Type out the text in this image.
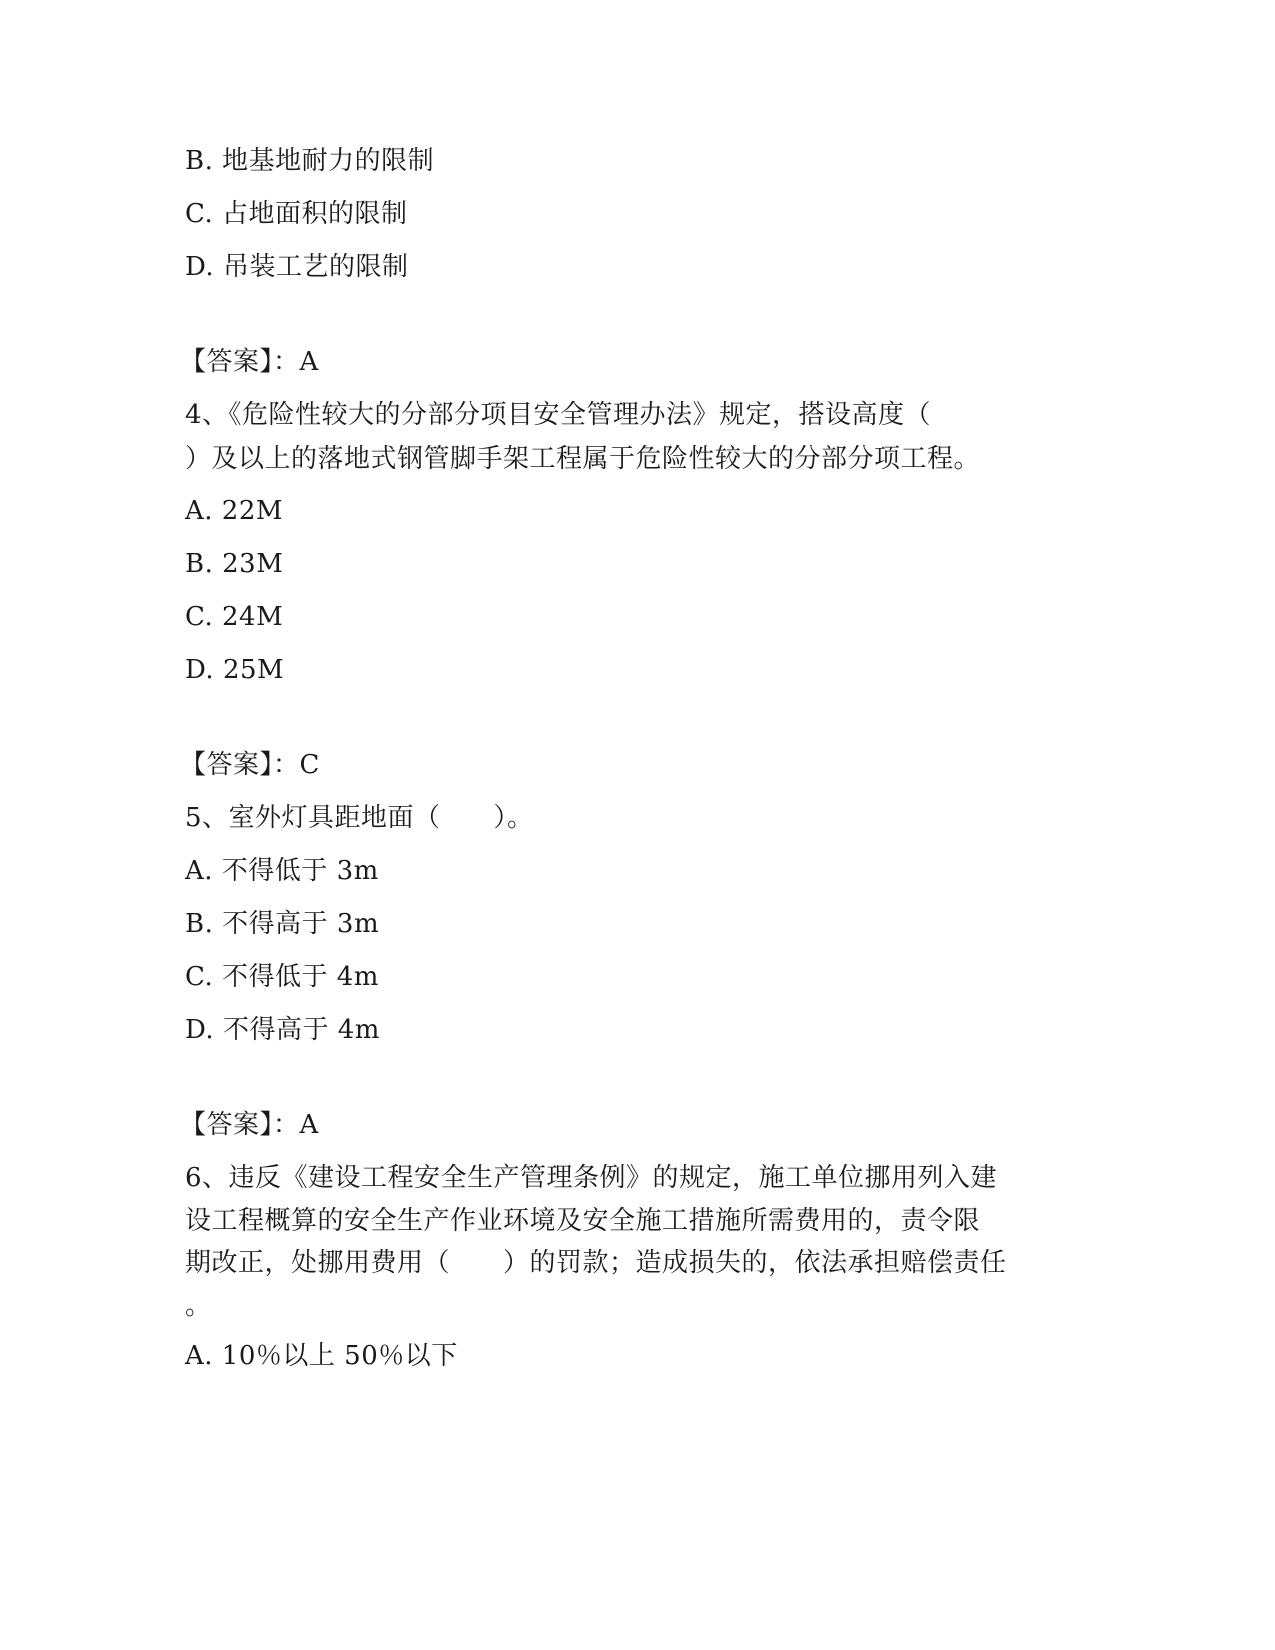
B. 地基地耐力的限制
C. 占地面积的限制
D. 吊装工艺的限制
【答案】：A
4、《危险性较大的分部分项目安全管理办法》规定，搭设高度（
）及以上的落地式钢管脚手架工程属于危险性较大的分部分项工程。
A. 22M
B. 23M
C. 24M
D. 25M
【答案】：C
5、室外灯具距地面（　　）。
A. 不得低于 3m
B. 不得高于 3m
C. 不得低于 4m
D. 不得高于 4m
【答案】：A
6、违反《建设工程安全生产管理条例》的规定，施工单位挪用列入建
设工程概算的安全生产作业环境及安全施工措施所需费用的，责令限
期改正，处挪用费用（　　）的罚款；造成损失的，依法承担赔偿责任
。
A. 10％以上 50％以下
